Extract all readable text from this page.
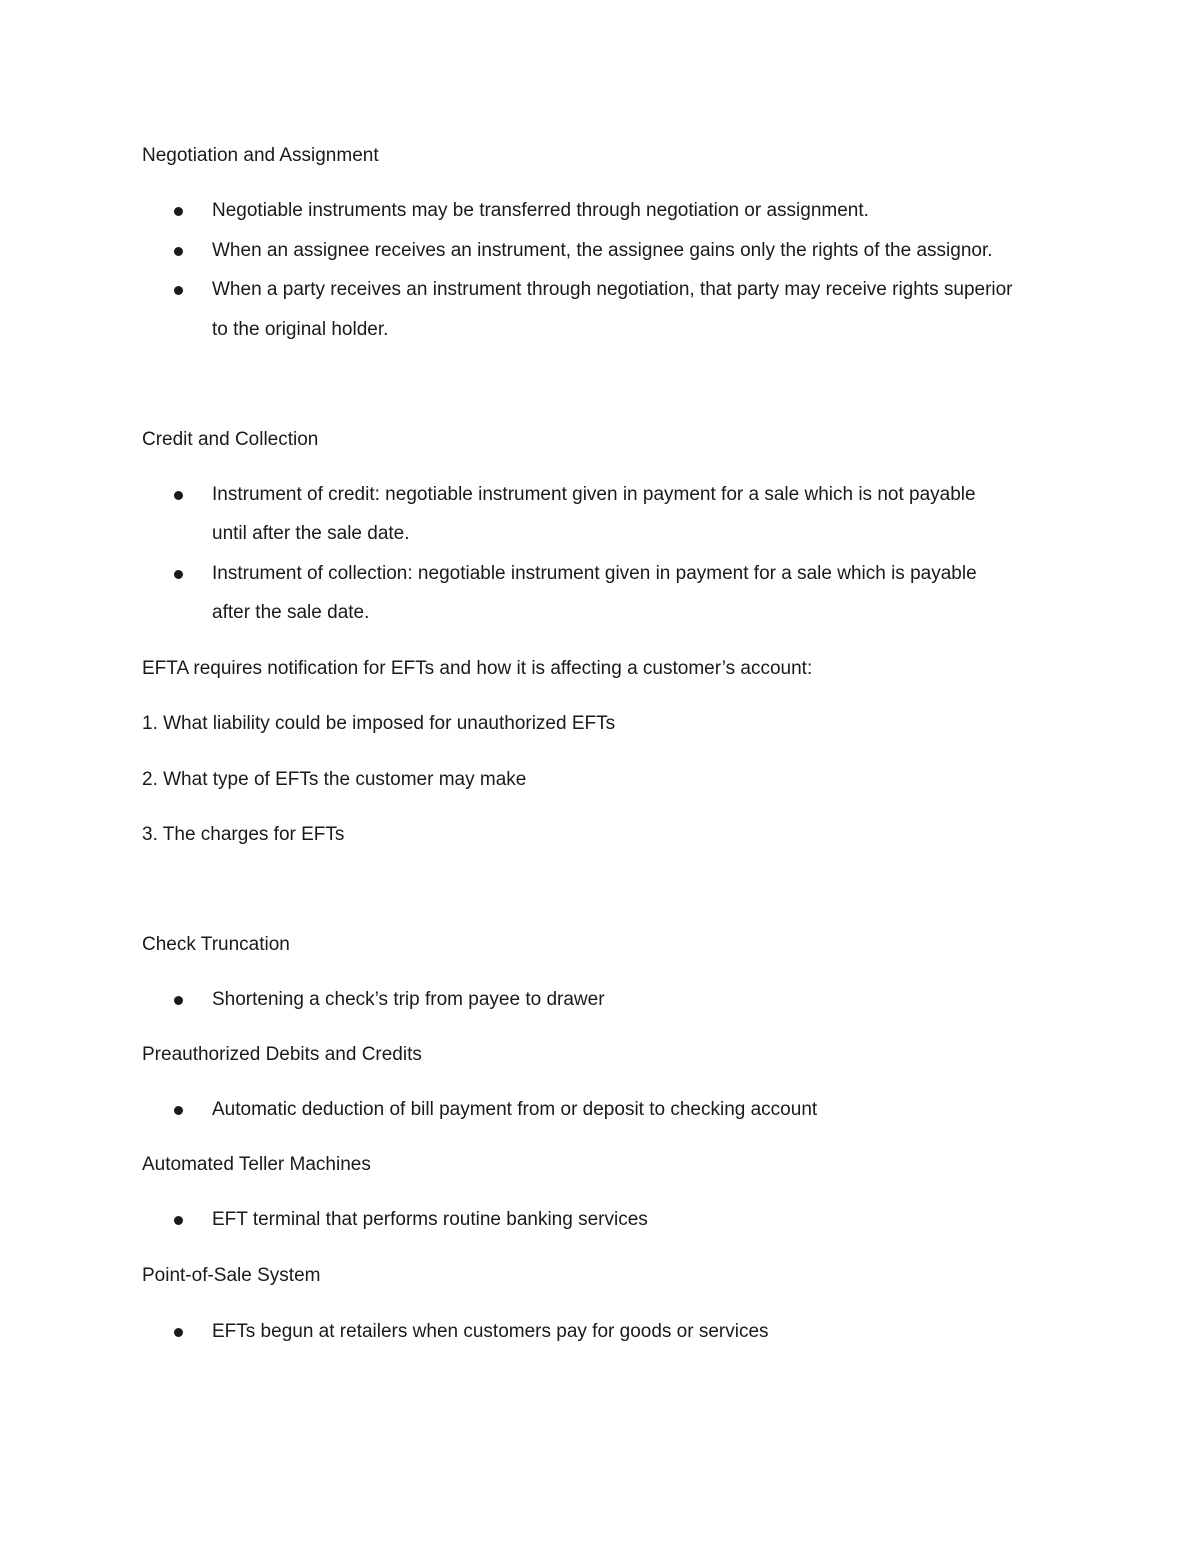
Negotiation and Assignment
Negotiable instruments may be transferred through negotiation or assignment.
When an assignee receives an instrument, the assignee gains only the rights of the assignor.
When a party receives an instrument through negotiation, that party may receive rights superior
to the original holder.
Credit and Collection
Instrument of credit: negotiable instrument given in payment for a sale which is not payable
until after the sale date.
Instrument of collection: negotiable instrument given in payment for a sale which is payable
after the sale date.
EFTA requires notification for EFTs and how it is affecting a customer’s account:
1. What liability could be imposed for unauthorized EFTs
2. What type of EFTs the customer may make
3. The charges for EFTs
Check Truncation
Shortening a check’s trip from payee to drawer
Preauthorized Debits and Credits
Automatic deduction of bill payment from or deposit to checking account
Automated Teller Machines
EFT terminal that performs routine banking services
Point-of-Sale System
EFTs begun at retailers when customers pay for goods or services
